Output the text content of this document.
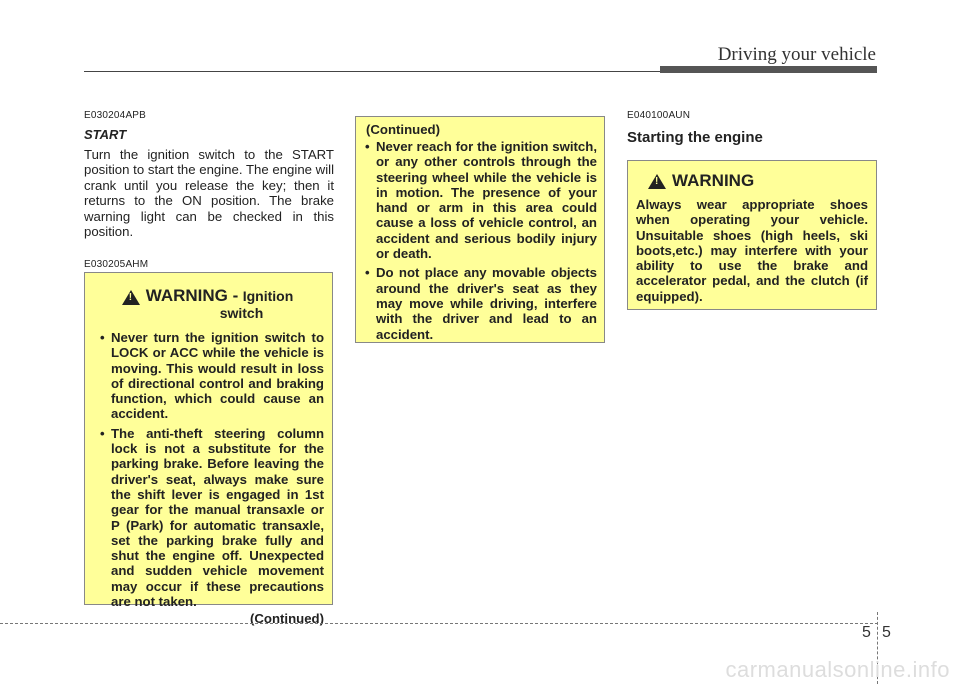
Driving your vehicle
E030204APB
START

Turn the ignition switch to the START position to start the engine. The engine will crank until you release the key; then it returns to the ON position. The brake warning light can be checked in this position.

E030205AHM
! WARNING - Ignition
switch
• Never turn the ignition switch to LOCK or ACC while the vehicle is moving. This would result in loss of directional control and braking function, which could cause an accident.
• The anti-theft steering column lock is not a substitute for the parking brake. Before leaving the driver's seat, always make sure the shift lever is engaged in 1st gear for the manual transaxle or P (Park) for automatic transaxle, set the parking brake fully and shut the engine off. Unexpected and sudden vehicle movement may occur if these precautions are not taken.
(Continued)
(Continued)
• Never reach for the ignition switch, or any other controls through the steering wheel while the vehicle is in motion. The presence of your hand or arm in this area could cause a loss of vehicle control, an accident and serious bodily injury or death.
• Do not place any movable objects around the driver's seat as they may move while driving, interfere with the driver and lead to an accident.
E040100AUN
Starting the engine
! WARNING

Always wear appropriate shoes when operating your vehicle. Unsuitable shoes (high heels, ski boots,etc.) may interfere with your ability to use the brake and accelerator pedal, and the clutch (if equipped).

5 5
carmanualsonline.info
